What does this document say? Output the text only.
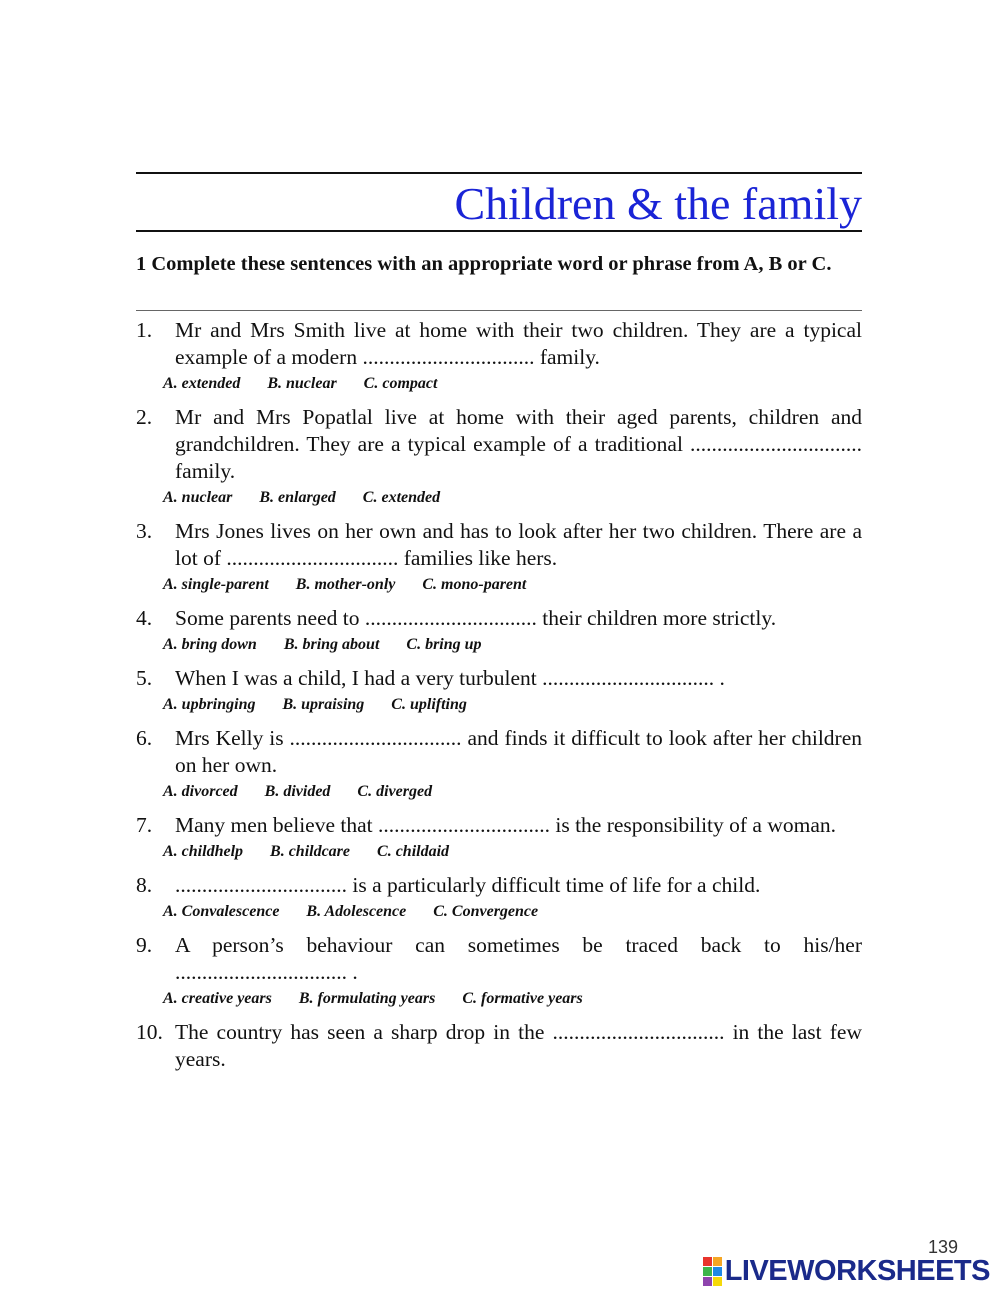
Children & the family
1 Complete these sentences with an appropriate word or phrase from A, B or C.
1. Mr and Mrs Smith live at home with their two children. They are a typical example of a modern ................................ family.
A. extended B. nuclear C. compact
2. Mr and Mrs Popatlal live at home with their aged parents, children and grandchildren. They are a typical example of a traditional ................................ family.
A. nuclear B. enlarged C. extended
3. Mrs Jones lives on her own and has to look after her two children. There are a lot of ................................ families like hers.
A. single-parent B. mother-only C. mono-parent
4. Some parents need to ................................ their children more strictly.
A. bring down B. bring about C. bring up
5. When I was a child, I had a very turbulent ................................ .
A. upbringing B. upraising C. uplifting
6. Mrs Kelly is ................................ and finds it difficult to look after her children on her own.
A. divorced B. divided C. diverged
7. Many men believe that ................................ is the responsibility of a woman.
A. childhelp B. childcare C. childaid
8. ................................ is a particularly difficult time of life for a child.
A. Convalescence B. Adolescence C. Convergence
9. A person’s behaviour can sometimes be traced back to his/her ................................ .
A. creative years B. formulating years C. formative years
10. The country has seen a sharp drop in the ................................ in the last few years.
139
LIVEWORKSHEETS
